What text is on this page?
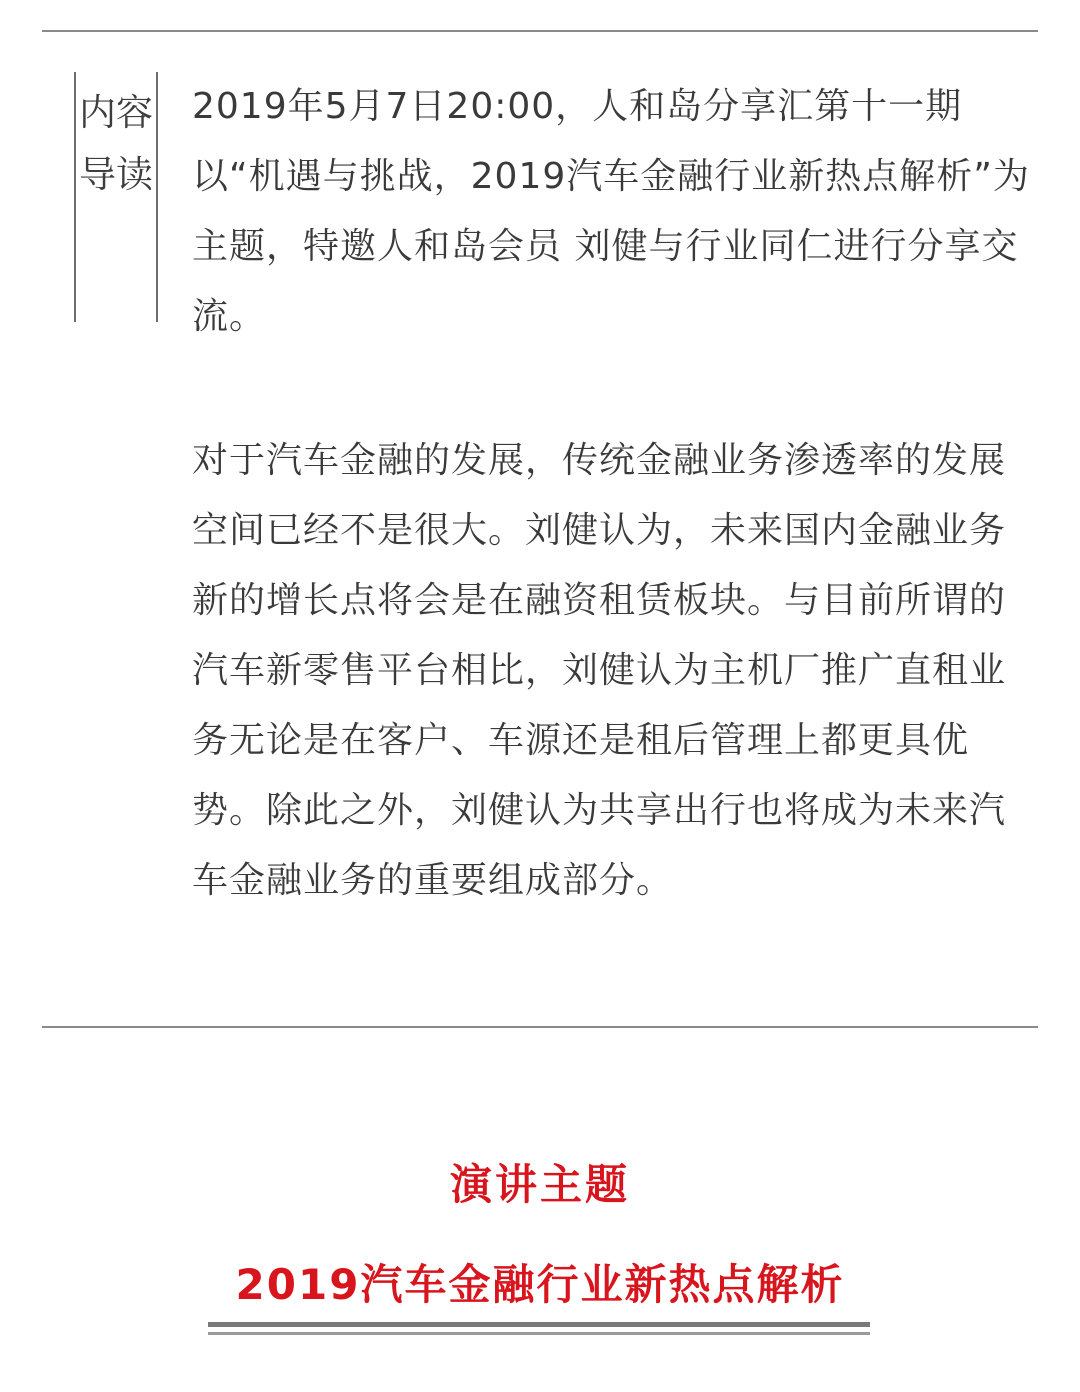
内容导读

2019年5月7日20:00，人和岛分享汇第十一期以“机遇与挑战，2019汽车金融行业新热点解析”为主题，特邀人和岛会员 刘健与行业同仁进行分享交流。

对于汽车金融的发展，传统金融业务渗透率的发展空间已经不是很大。刘健认为，未来国内金融业务新的增长点将会是在融资租赁板块。与目前所谓的汽车新零售平台相比，刘健认为主机厂推广直租业务无论是在客户、车源还是租后管理上都更具优势。除此之外，刘健认为共享出行也将成为未来汽车金融业务的重要组成部分。

演讲主题
2019汽车金融行业新热点解析
